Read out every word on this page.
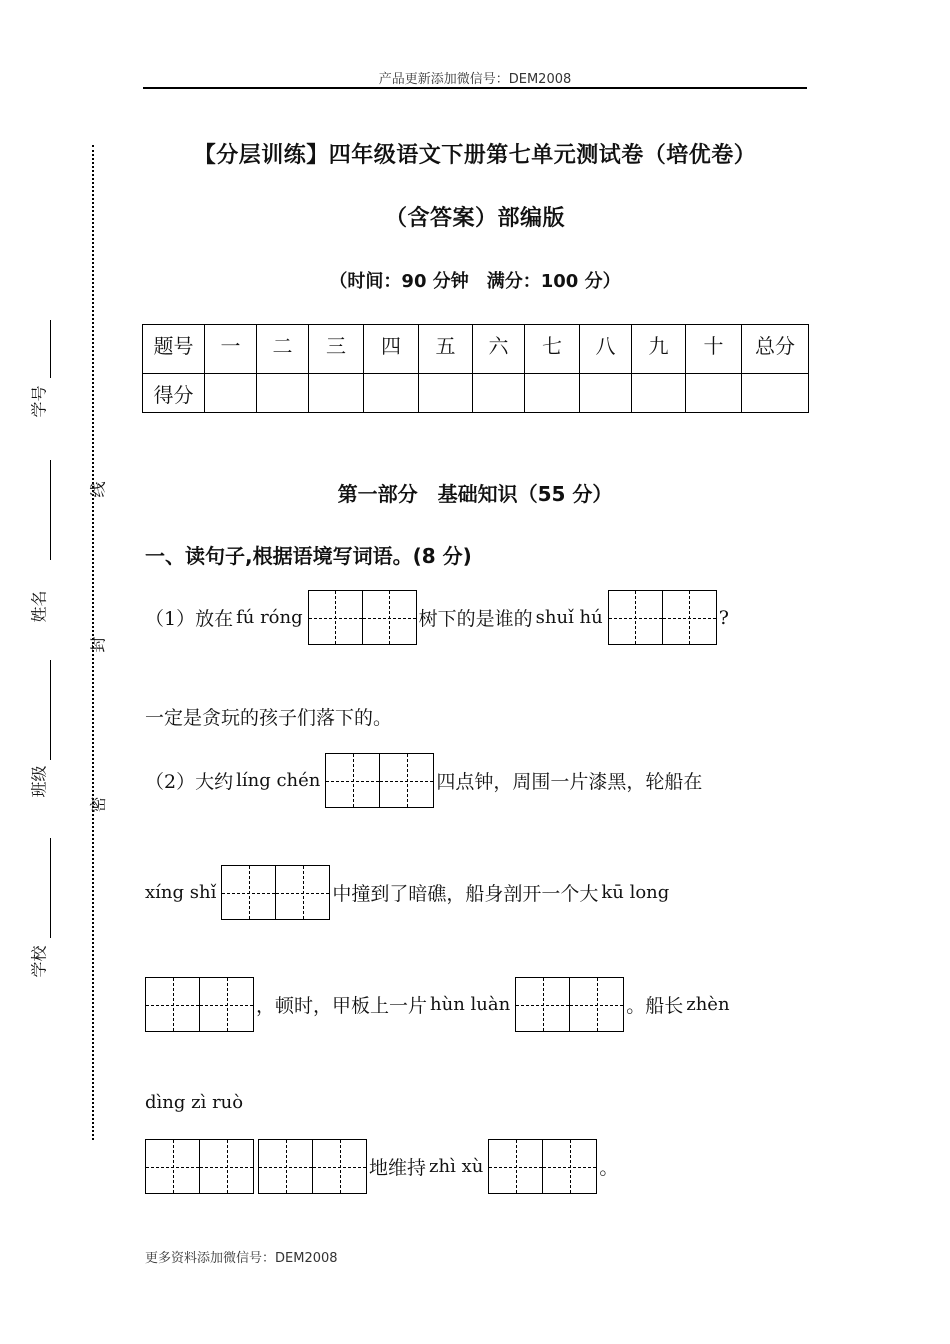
产品更新添加微信号：DEM2008
学号
姓名
班级
学校
线
封
密
【分层训练】四年级语文下册第七单元测试卷（培优卷）
（含答案）部编版
（时间：90 分钟　满分：100 分）
题号	一	二	三	四	五	六	七	八	九	十	总分

得分											

第一部分　基础知识（55 分）
一、读句子,根据语境写词语。(8 分)
（1）放在 fú róng	树下的是谁的 shuǐ hú	?
一定是贪玩的孩子们落下的。
（2）大约 líng chén	四点钟，周围一片漆黑，轮船在
xíng shǐ	中撞到了暗礁，船身剖开一个大 kū long
，顿时，甲板上一片 hùn luàn	。船长 zhèn
dìng zì ruò
地维持 zhì xù	。
更多资料添加微信号：DEM2008
